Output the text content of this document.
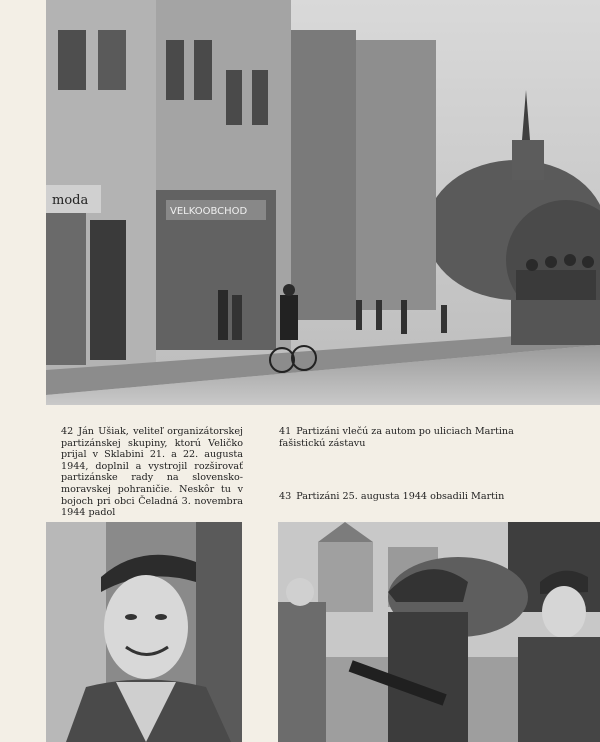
moda
VELKOOBCHOD
42 Ján Ušiak, veliteľ organizátorskej partizánskej skupiny, ktorú Veličko prijal v Sklabini 21. a 22. augusta 1944, doplnil a vystrojil rozširovať partizánske rady na slovensko-moravskej pohraničie. Neskôr tu v bojoch pri obci Čeladná 3. novembra 1944 padol
41 Partizáni vlečú za autom po uliciach Martina fašistickú zástavu
43 Partizáni 25. augusta 1944 obsadili Martin
